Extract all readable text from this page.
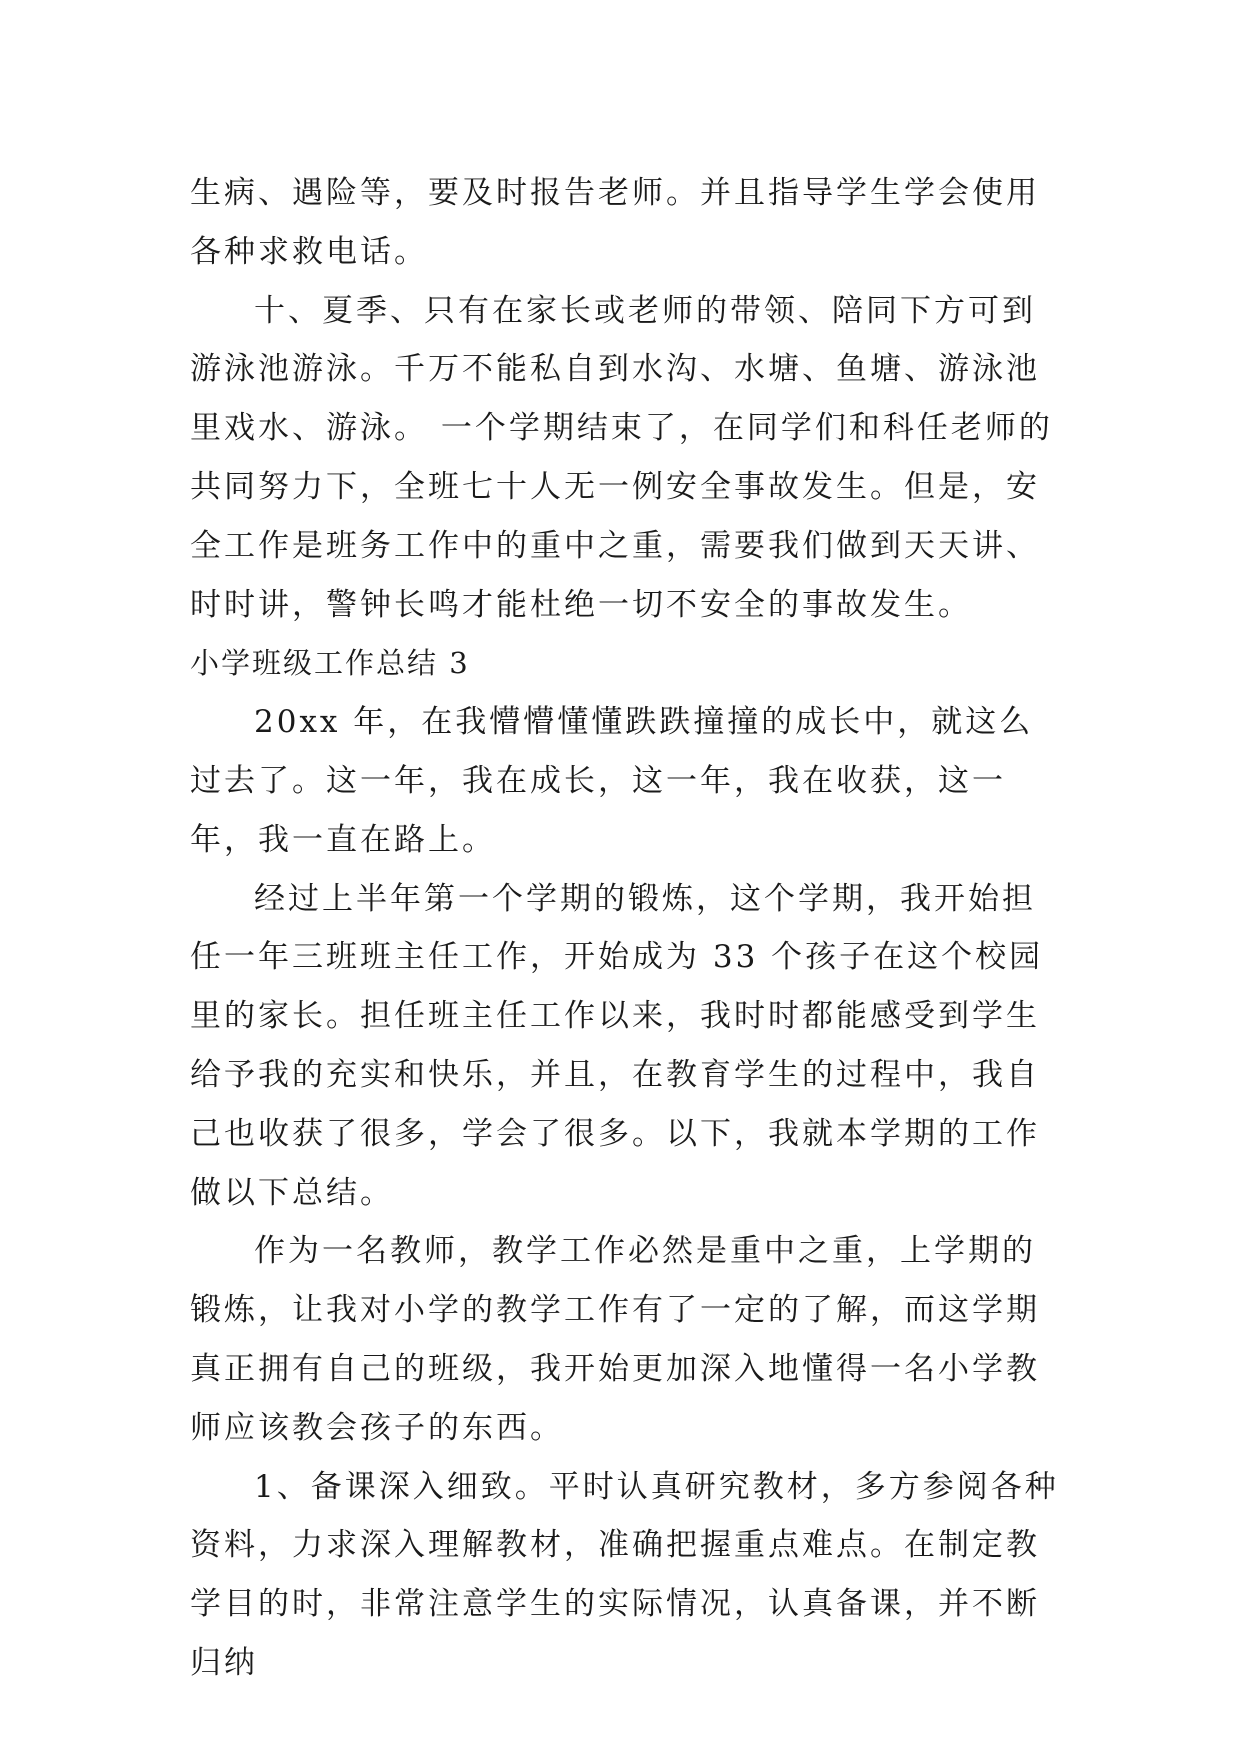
生病、遇险等，要及时报告老师。并且指导学生学会使用各种求救电话。

十、夏季、只有在家长或老师的带领、陪同下方可到游泳池游泳。千万不能私自到水沟、水塘、鱼塘、游泳池里戏水、游泳。 一个学期结束了，在同学们和科任老师的共同努力下，全班七十人无一例安全事故发生。但是，安全工作是班务工作中的重中之重，需要我们做到天天讲、时时讲，警钟长鸣才能杜绝一切不安全的事故发生。

小学班级工作总结 3

20xx 年，在我懵懵懂懂跌跌撞撞的成长中，就这么过去了。这一年，我在成长，这一年，我在收获，这一年，我一直在路上。

经过上半年第一个学期的锻炼，这个学期，我开始担任一年三班班主任工作，开始成为 33 个孩子在这个校园里的家长。担任班主任工作以来，我时时都能感受到学生给予我的充实和快乐，并且，在教育学生的过程中，我自己也收获了很多，学会了很多。以下，我就本学期的工作做以下总结。

作为一名教师，教学工作必然是重中之重，上学期的锻炼，让我对小学的教学工作有了一定的了解，而这学期真正拥有自己的班级，我开始更加深入地懂得一名小学教师应该教会孩子的东西。

1、备课深入细致。平时认真研究教材，多方参阅各种资料，力求深入理解教材，准确把握重点难点。在制定教学目的时，非常注意学生的实际情况，认真备课，并不断归纳
